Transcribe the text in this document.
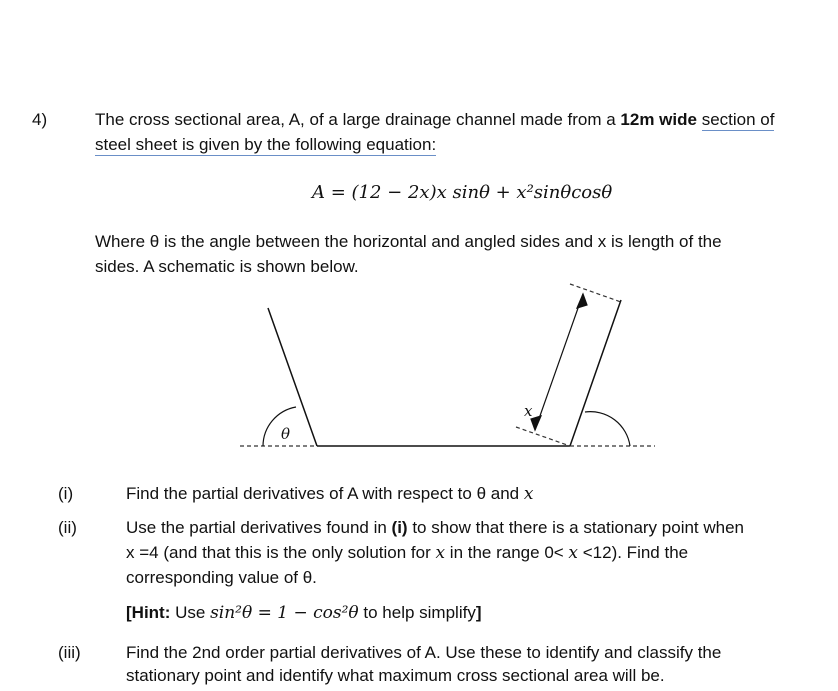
4)	The cross sectional area, A, of a large drainage channel made from a 12m wide section of
steel sheet is given by the following equation:
A = (12 − 2x)x sinθ + x²sinθcosθ
Where θ is the angle between the horizontal and angled sides and x is length of the
sides. A schematic is shown below.
θ
x
(i)	Find the partial derivatives of A with respect to θ and x
(ii)	Use the partial derivatives found in (i) to show that there is a stationary point when
x =4 (and that this is the only solution for x in the range 0< x <12). Find the
corresponding value of θ.
[Hint: Use sin²θ = 1 − cos²θ to help simplify]
(iii)	Find the 2nd order partial derivatives of A. Use these to identify and classify the
stationary point and identify what maximum cross sectional area will be.
